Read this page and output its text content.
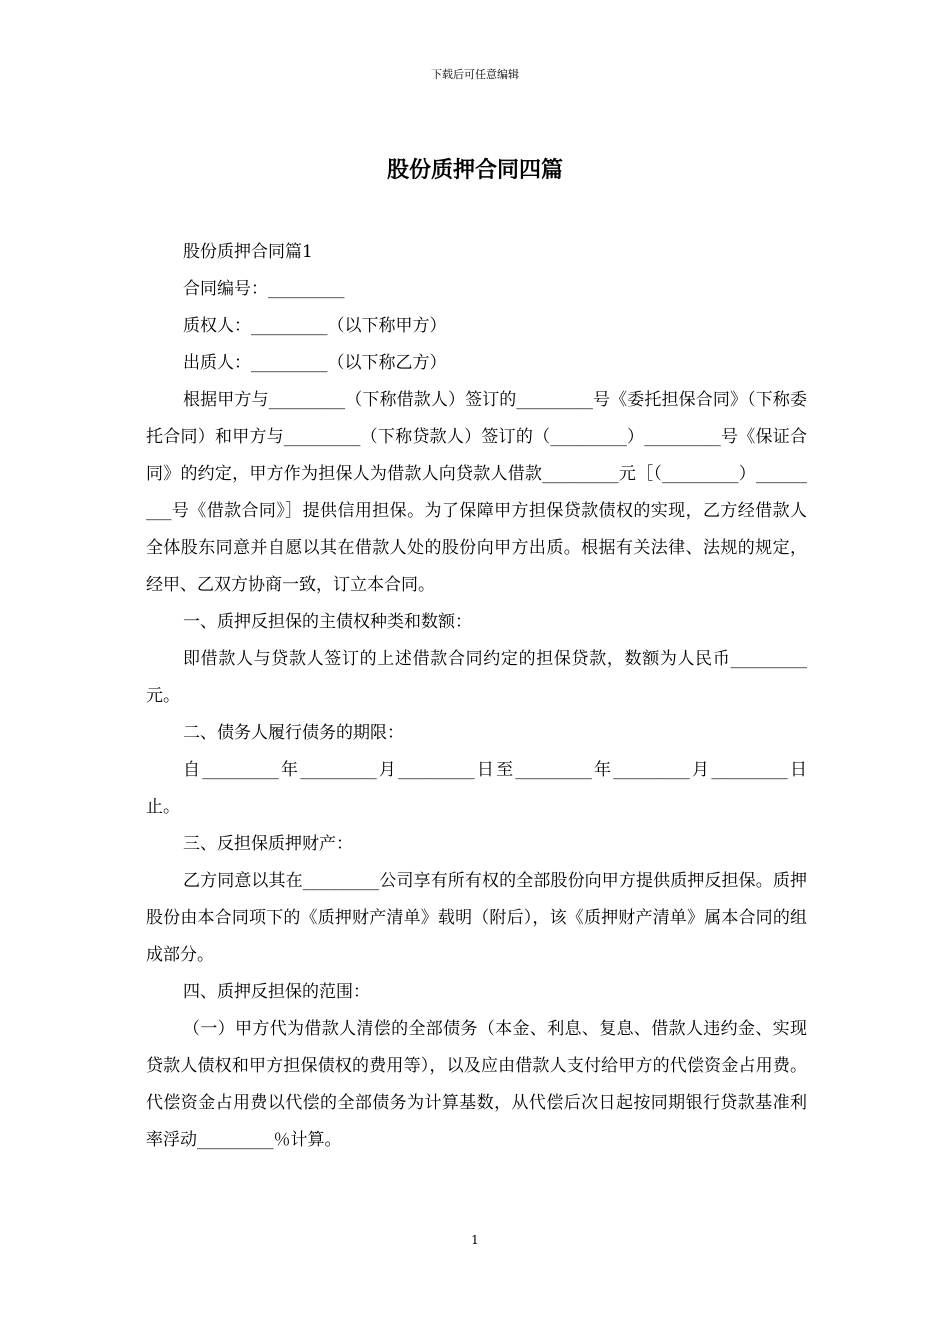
下载后可任意编辑
股份质押合同四篇

股份质押合同篇1

合同编号：_________

质权人：_________（以下称甲方）

出质人：_________（以下称乙方）

根据甲方与_________（下称借款人）签订的_________号《委托担保合同》（下称委托合同）和甲方与_________（下称贷款人）签订的（_________）_________号《保证合同》的约定，甲方作为担保人为借款人向贷款人借款_________元［（_________）_________号《借款合同》］提供信用担保。为了保障甲方担保贷款债权的实现，乙方经借款人全体股东同意并自愿以其在借款人处的股份向甲方出质。根据有关法律、法规的规定，经甲、乙双方协商一致，订立本合同。

一、质押反担保的主债权种类和数额：

即借款人与贷款人签订的上述借款合同约定的担保贷款，数额为人民币_________元。

二、债务人履行债务的期限：

自_________年_________月_________日至_________年_________月_________日止。

三、反担保质押财产：

乙方同意以其在_________公司享有所有权的全部股份向甲方提供质押反担保。质押股份由本合同项下的《质押财产清单》载明（附后），该《质押财产清单》属本合同的组成部分。

四、质押反担保的范围：

（一）甲方代为借款人清偿的全部债务（本金、利息、复息、借款人违约金、实现贷款人债权和甲方担保债权的费用等），以及应由借款人支付给甲方的代偿资金占用费。代偿资金占用费以代偿的全部债务为计算基数，从代偿后次日起按同期银行贷款基准利率浮动_________％计算。

1
